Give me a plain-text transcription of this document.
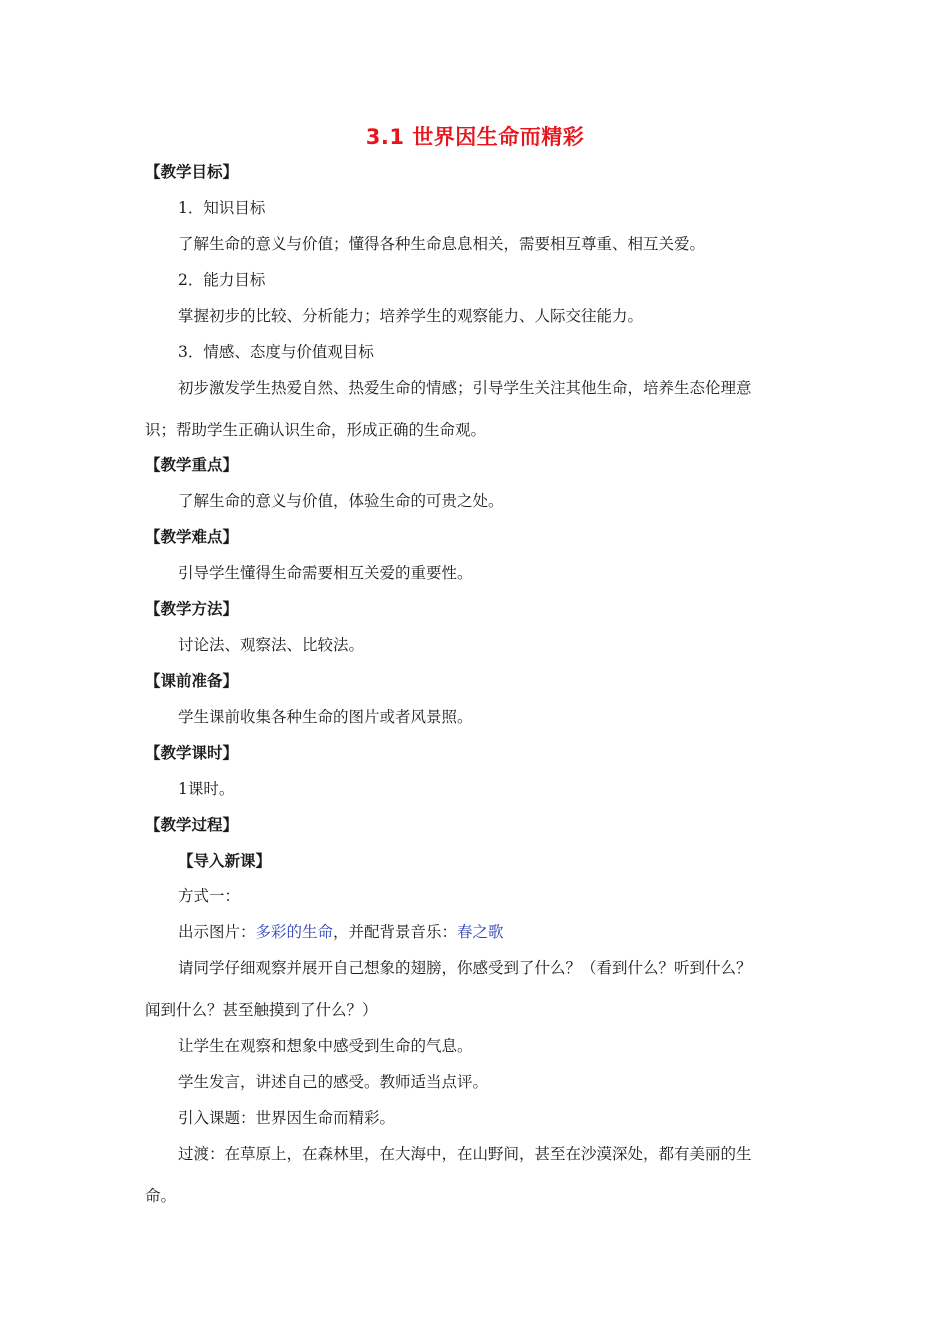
3.1 世界因生命而精彩
【教学目标】
1．知识目标
了解生命的意义与价值；懂得各种生命息息相关，需要相互尊重、相互关爱。
2．能力目标
掌握初步的比较、分析能力；培养学生的观察能力、人际交往能力。
3．情感、态度与价值观目标
初步激发学生热爱自然、热爱生命的情感；引导学生关注其他生命，培养生态伦理意
识；帮助学生正确认识生命，形成正确的生命观。
【教学重点】
了解生命的意义与价值，体验生命的可贵之处。
【教学难点】
引导学生懂得生命需要相互关爱的重要性。
【教学方法】
讨论法、观察法、比较法。
【课前准备】
学生课前收集各种生命的图片或者风景照。
【教学课时】
1课时。
【教学过程】
【导入新课】
方式一：
出示图片：多彩的生命，并配背景音乐：春之歌
请同学仔细观察并展开自己想象的翅膀，你感受到了什么？（看到什么？听到什么？
闻到什么？甚至触摸到了什么？）
让学生在观察和想象中感受到生命的气息。
学生发言，讲述自己的感受。教师适当点评。
引入课题：世界因生命而精彩。
过渡：在草原上，在森林里，在大海中，在山野间，甚至在沙漠深处，都有美丽的生
命。
